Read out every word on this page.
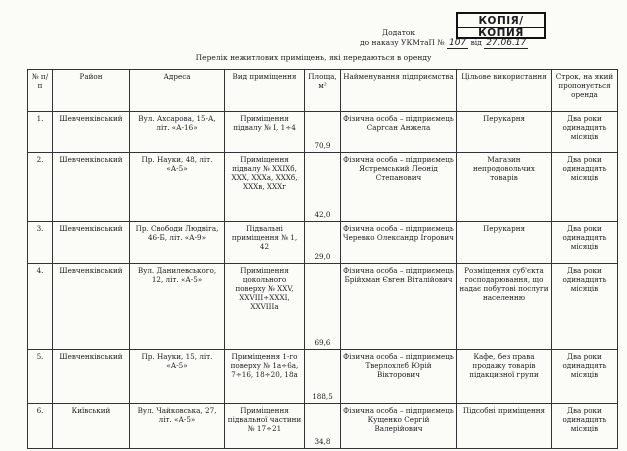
КОПІЯ/
КОПИЯ
Додаток
до наказу УКМтаП № 107 від 27.06.17
Перелік нежитлових приміщень, які передаються в оренду
№ п/п	Район	Адреса	Вид приміщення	Площа, м²	Найменування підприємства	Цільове використання	Строк, на який пропонується оренда
1.	Шевченківський	Вул. Ахсарова, 15-А, літ. «А-16»	Приміщення підвалу № І, 1÷4	70,9	Фізична особа – підприємець Саргсан Анжела	Перукарня	Два роки одинадцять місяців
2.	Шевченківський	Пр. Науки, 48, літ. «А-5»	Приміщення підвалу № XXIXб, XXX, XXXа, XXXб, XXXв, XXXг	42,0	Фізична особа – підприємець Ястремський Леонід Степанович	Магазин непродовольчих товарів	Два роки одинадцять місяців
3.	Шевченківський	Пр. Свободи Людвіга, 46-Б, літ. «А-9»	Підвальні приміщення № 1, 42	29,0	Фізична особа – підприємець Черевко Олександр Ігорович	Перукарня	Два роки одинадцять місяців
4.	Шевченківський	Вул. Данилевського, 12, літ. «А-5»	Приміщення цокольного поверху № XXV, XXVIII÷XXXI, XXVIIIа	69,6	Фізична особа – підприємець Брійхман Євген Віталійович	Розміщення суб'єкта господарювання, що надає побутові послуги населенню	Два роки одинадцять місяців
5.	Шевченківський	Пр. Науки, 15, літ. «А-5»	Приміщення 1-го поверху № 1а÷6а, 7÷16, 18÷20, 18а	188,5	Фізична особа – підприємець Тверлохлєб Юрій Вікторович	Кафе, без права продажу товарів підакцизної групи	Два роки одинадцять місяців
6.	Київський	Вул. Чайковська, 27, літ. «А-5»	Приміщення підвальної частини № 17÷21	34,8	Фізична особа – підприємець Кущенко Сергій Валерійович	Підсобні приміщення	Два роки одинадцять місяців
